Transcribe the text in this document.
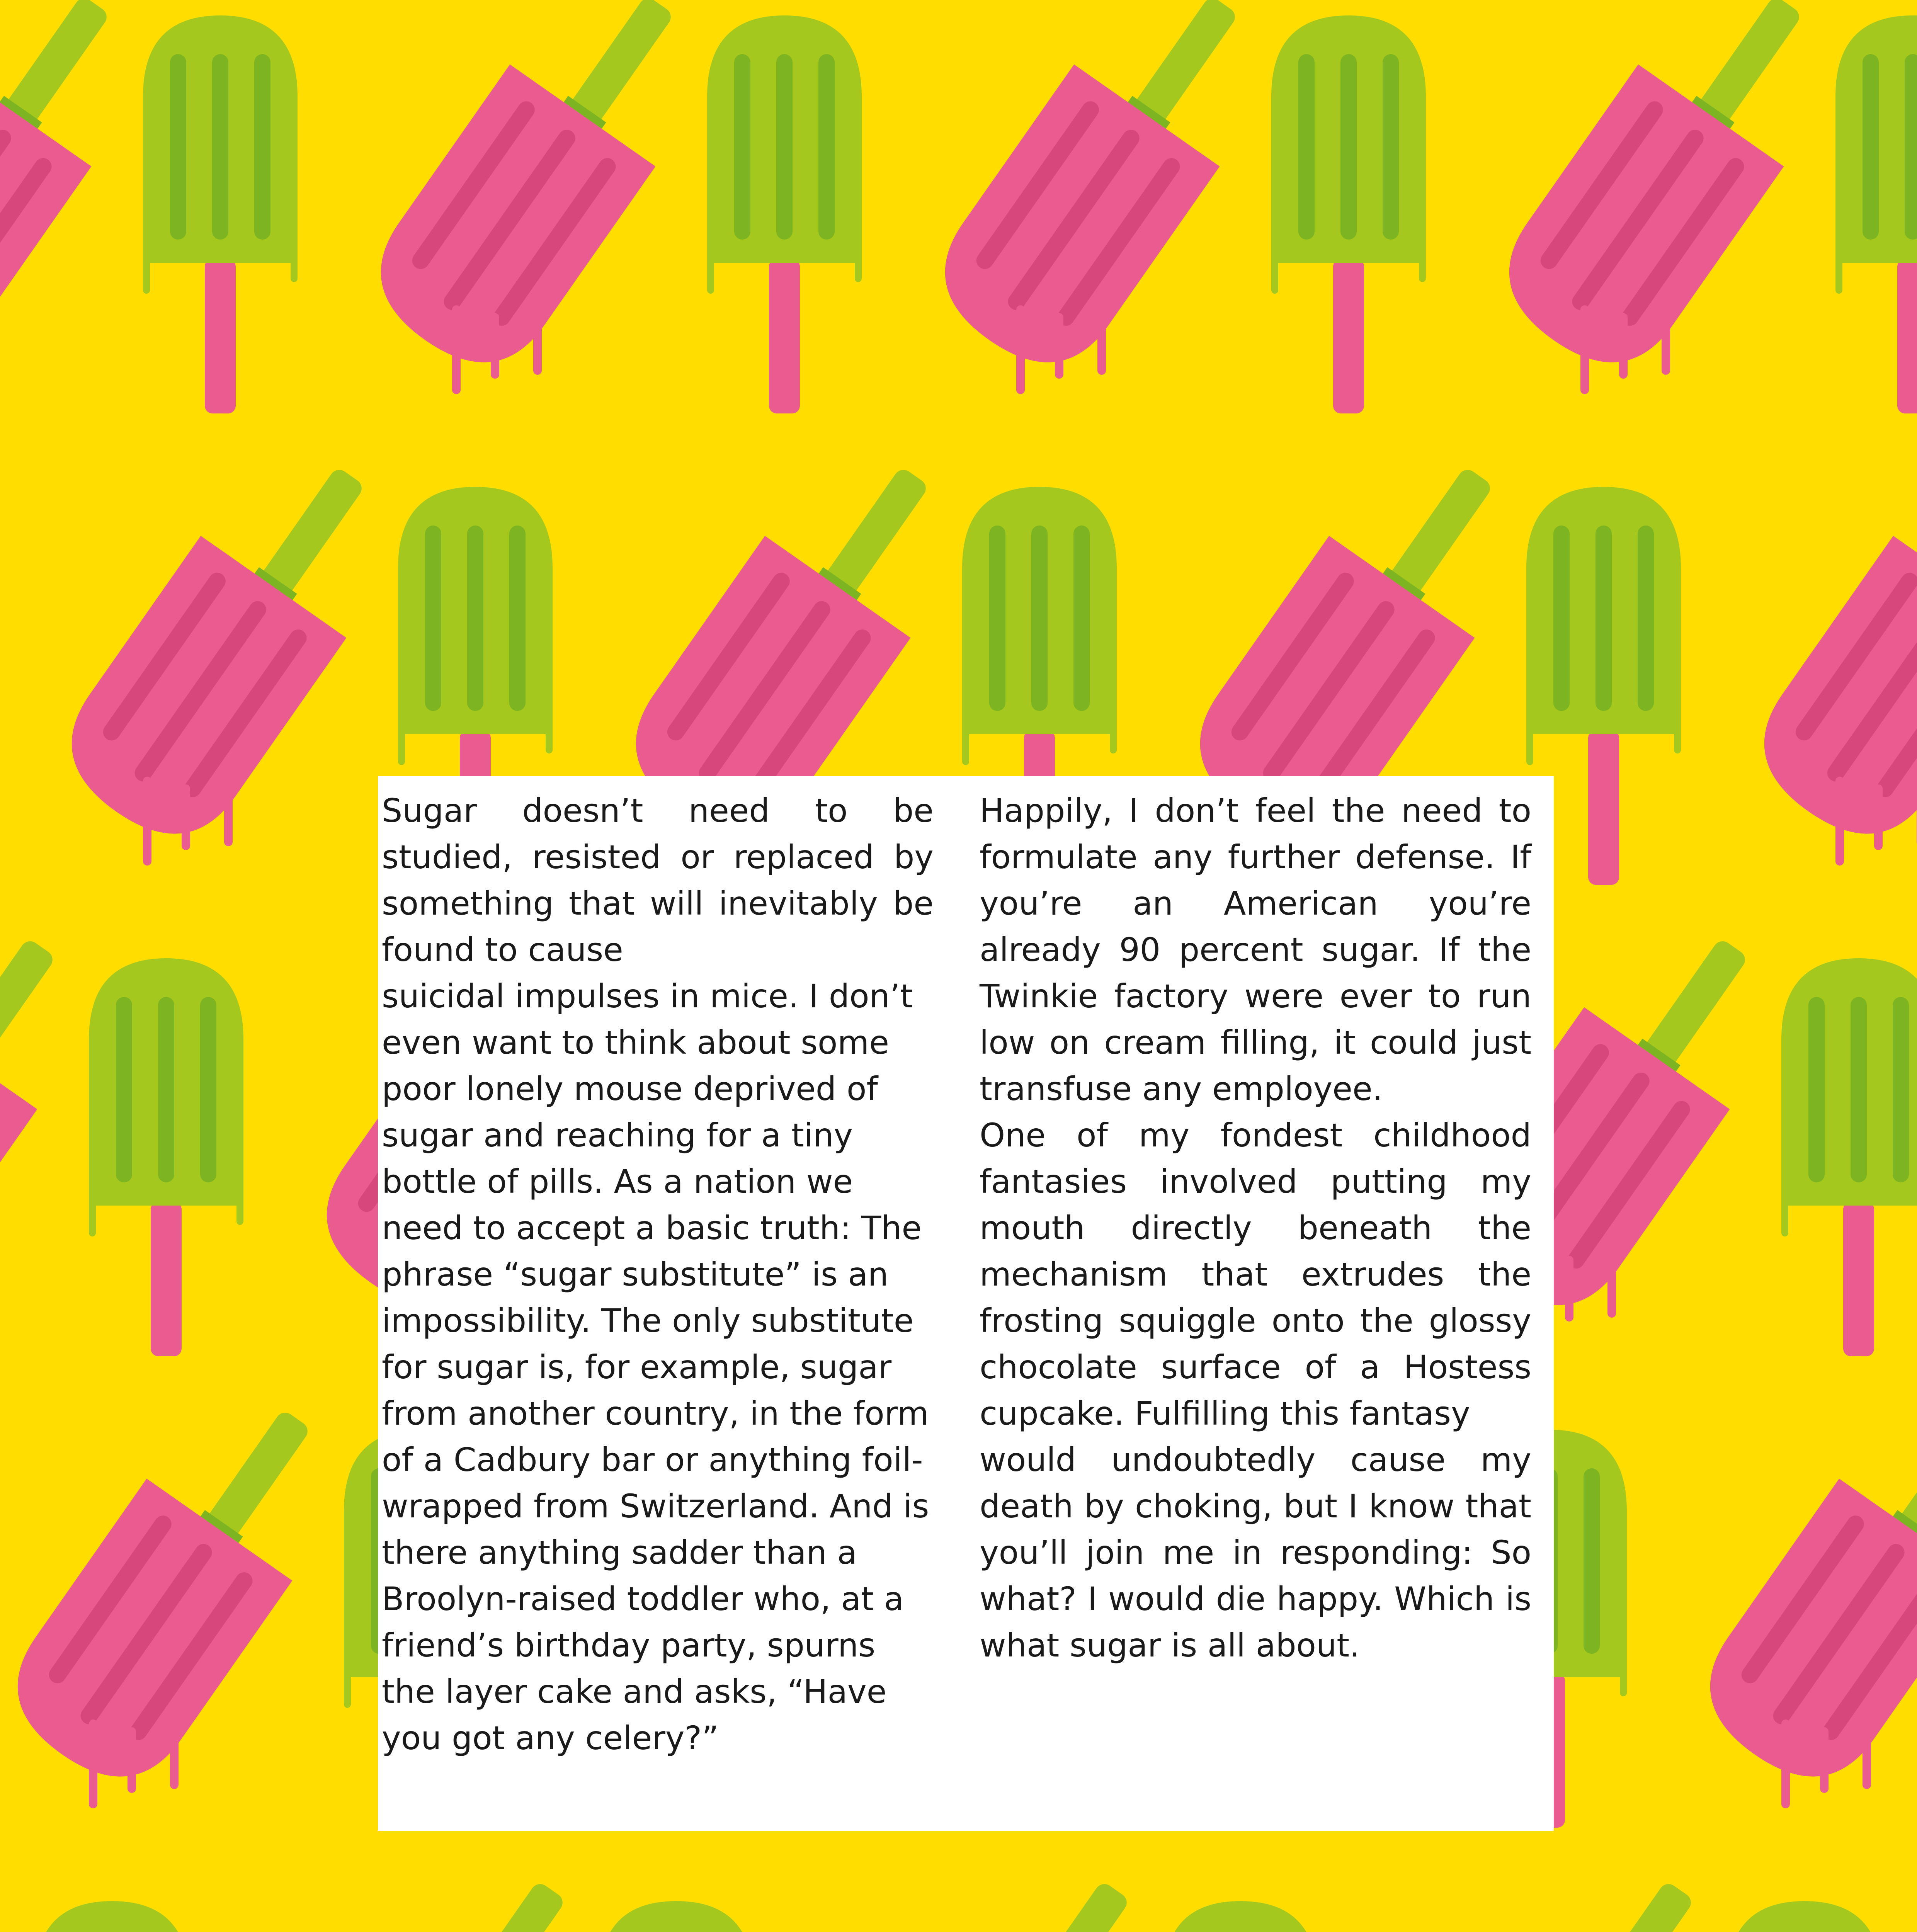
Sugar doesn’t need to be studied, resisted or replaced by something that will inevitably be found to cause

suicidal impulses in mice. I don’t even want to think about some poor lonely mouse deprived of sugar and reaching for a tiny bottle of pills. As a nation we need to accept a basic truth: The phrase “sugar substitute” is an impossibility. The only substitute for sugar is, for example, sugar from another country, in the form of a Cadbury bar or anything foil-wrapped from Switzerland. And is there anything sadder than a Broolyn-raised toddler who, at a friend’s birthday party, spurns the layer cake and asks, “Have you got any celery?”

Happily, I don’t feel the need to formulate any further defense. If you’re an American you’re already 90 percent sugar. If the Twinkie factory were ever to run low on cream filling, it could just transfuse any employee.

One of my fondest childhood fantasies involved putting my mouth directly beneath the mechanism that extrudes the frosting squiggle onto the glossy chocolate surface of a Hostess cupcake. Fulfilling this fantasy

would undoubtedly cause my death by choking, but I know that you’ll join me in responding: So what? I would die happy. Which is what sugar is all about.
